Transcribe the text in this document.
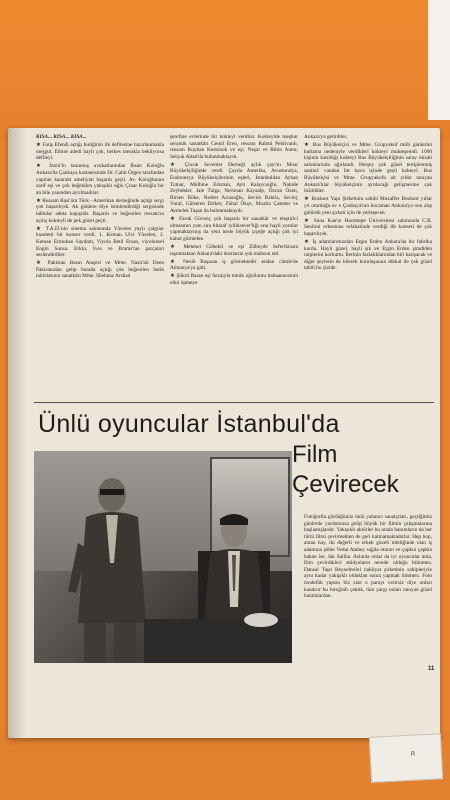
KISA... KISA... KISA...

★ Fatiş Efendi açtığı butiğinin ilk defilesine hazırlanmakla meşgul. Elbise adedi hayli çok, herkes merakla bekliyorsa defileyi.

★ İzmir'in tanınmış avukatlarından İhsan Koloğlu Ankara'da Çankaya hastanesinde Dr. Cahit Örgen tarafından yapılan katarakt ameliyatı başarılı geçti. Av. Koloğlunun zarif eşi ve çok beğenilen yakışıklı oğlu Çınar Koloğlu bir an bile yanından ayrılmadılar.

★ Ressam Rasi'nin Türk - Amerikan derneğinde açtığı sergi çok başarılıydı. Ak günlere diye isimlendirdiği sergisinde tablolar adeta kapışıldı. Başarılı ve beğenilen ressam'ın açılış kokteyli de pek güzel geçti.

★ T.A.D.'nin sinema salonunda Yücelen yaylı çalgılar kuartetti bir konser verdi. 1. Keman Ulvi Yücelen, 2. Keman Ermukan Saydam, Viyola Betil Ersan, viyolonsel Engin Sunsa. Erkin, İves ve Brams'tan parçaları seslendirdiler.

★ Pakistan Basın Ataşesi ve Mme. Nasir'ail Deen Pakistandan gelip burada açtığı çok beğenilen batik tablolarının sanatkârı Mme. Shehnaz Arshad

şerefine evlerinde bir kokteyl verdiler. Kokteylde meşhur seramik sanatkârı Cemil Eren, ressam Rahmi Pehlivanlı, ressam Kuyhan Keskinok ve eşi, Neşat ve Rihin Autor, Selçuk Altan'da bulunmaktaydı.

★ Çocuk Sevenler Derneği aylık çayı'nı Mısır Büyükelçiliğinde verdi. Çayda Amerika, Avusturalya, Endonezya Büyükelçilerinin eşleri, İstanbuldan Ayhan Tutnar, Mülbine Erkman, Aylı Kalaycıoğlu, Nahide Zeybekler, Jale Tulga, Neriman Kayaalp, Özcan Özen, Birsen Böke, Nedret Arınsoğlu, Sevim Bahtla, Sevinç Vural, Gülseren Driker, Zühal Ökçe, Mualla Çakmer ve Aymelek Taşan da bulunmaktaydı.

★ Faruk Güvenç çok başarılı bir sanatkâr ve eleştirici olmasının yanı sıra bitaraf iyiliksever'liği onu hayli yorulur yapmaktaymış da yeni nesle büyük çiçeğe açtığı çok iyi kabul görmekte.

★ Mehmet Göbekli ve eşi Zübeyde Seferihisara taşınmaktan Ankara'daki dostlarını çok mahsun etti.

★ Nesib Başaran iş görmektedir ondan cümle'de Almanya'ya gitti.

★ Şükrü Baran eşi Sezaiyla minik oğullarını babaannesinin elini öpmeye

Ankara'ya getirdiler.

★ Rus Büyükelçisi ve Mme. Grupyakof milli günlerini kutlama nedeniyle verdikleri kokteyl muhteşemdi. 1000 kişinin katıldığı kokteyl Rus Büyükelçiliğinin saray misali salonlarında ağırlandı. Herşey çok güzel tertiplenmiş sanimi: candan bir hava içinde geçti kokteyl. Rus Büyükelçisi ve Mme. Grupyakofu alt yıldır tanıyan Ankara'lılar büyükelçinin ayrılacağı gelişmesine çok üzüldüler.

★ Bozkurt Yapı Şirketinin sahibi Muzaffer Bozkurt yıllar yıl oturduğu ev e Çankaya'nın kocaman Ankara'ya onu alıp götürdü yeni şirketi için de yerleşecek.

★ Suna Kan'ın Hacettepe Üniversitesi salonunda C.B. Senfoni orkestrası refakatinde verdiği ilk konseri de çok başarılıydı.

★ İş adamlarımızdan Ergin Erden Ankara'da bir fabrika kurdu. Hayli güzel, hayli şık ve Ergin Erden şimdiden raiplerini korkuttu. İlerinin fazlalıklarından biri karışacak ve diğer şeylerin de bilerek kuruluşunun dikkat ile çok güzel tahlil bu çizide.

Ünlü oyuncular İstanbul'da
Film
Çevirecek
Fotoğrafta gördüğünüz ünlü yabancı sanatçıları, geçtiğimiz günlerde yurdumuza gelip büyük bir filmin çalışmalarına başlamışlardır. Yakışıklı aktörler bu arada hanımların da her türlü filmi çevirmekten de geri kalmamaktadırlar. Hep hop, aman hay, iki değerli ve erkek güzeli niteliğinde olan iş adamına şöhle Vedat Atabey sağda oturan ve çapkın çapkın bakan ise, Jak Saliba. Aslında onlar da iyi oyuncular ama, film çevirdikleri stüdyoların nerede olduğu bilinmez. Dansal Taşıt Beynelmilel nakliyat şirketinin sahipleriyle aynı kadar yakışıklı olduktan sonra yapmak ilimmez. Foto modellik yapsın biz size o parayı verirsiz diye onları kandırır bu fotoğrafı çektik, tüm yargı onları tanıyan güzel hanımlardan.
11
R
